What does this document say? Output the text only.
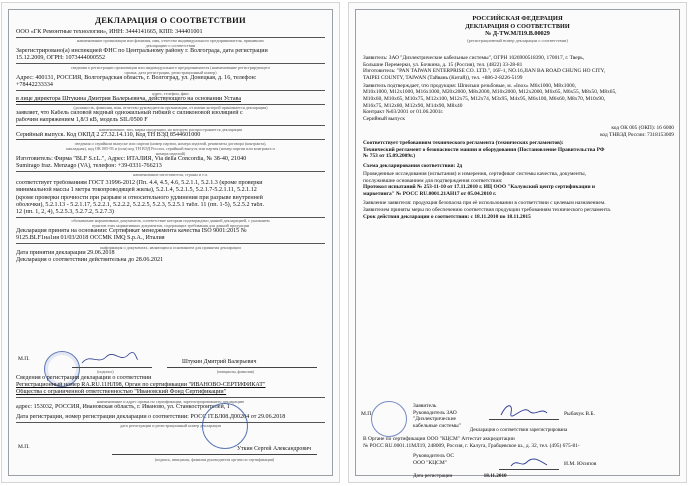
ДЕКЛАРАЦИЯ О СООТВЕТСТВИИ
ООО «ГК Ремонтные технологии», ИНН: 3444141665, КПП: 344401001
наименование организации или фамилия, имя, отчество индивидуального предпринимателя, принявших
декларацию о соответствии
Зарегистрировано(а) инспекцией ФНС по Центральному району г. Волгограда, дата регистрации
15.12.2009, ОГРН: 1073444000552
сведения о регистрации организации или индивидуального предпринимателя (наименование регистрирующего
органа, дата регистрации, регистрационный номер)
Адрес: 400131, РОССИЯ, Волгоградская область, г. Волгоград, ул. Донецкая, д. 16, телефон:
+78442233334
адрес, телефон, факс
в лице директора Штукина Дмитрия Валерьевича, действующего на основании Устава
(должность, фамилия, имя, отчество руководителя организации, от имени которой принимается декларация)
заявляет, что Кабель силовой медный одножильный гибкий с силиконовой изоляцией с
рабочим напряжением 1,8/3 кВ, модель SIL/0500 F
наименование, тип, марка продукции, на которую распространяется декларация
Серийный выпуск. Код ОКПД 2 27.32.14.110, Код ТН ВЭД 8544601000
сведения о серийном выпуске или партии (номер партии, номера изделий, реквизиты договора (контракта),
накладная), код ОК 005-93 и (или) код ТН ВЭД России, серийный выпуск или партия (номер партии или контракта и
номера изделий)
Изготовитель: Фирма "BLF S.r.L.", Адрес: ИТАЛИЯ, Via della Concordia, № 38-40, 21040
Sumirago fraz. Menzago (VA), телефон: +39-0331-766213
наименование изготовителя, страны и т.п.
соответствует требованиям ГОСТ 31996-2012 (Пп. 4.4, 4.5, 4.6, 5.2.1.1, 5.2.1.3 (кроме проверки
минимальной массы 1 метра токопроводящей жилы), 5.2.1.4, 5.2.1.5, 5.2.1.7-5.2.1.11, 5.2.1.12
(кроме проверки прочности при разрыве и относительного удлинения при разрыве внутренней
оболочки), 5.2.1.13 - 5.2.1.17, 5.2.2.1, 5.2.2.2, 5.2.2.5, 5.2.3, 5.2.5.1 табл. 11 (пп. 1-5), 5.2.5.2 табл.
12 (пп. 1, 2, 4), 5.2.5.3, 5.2.7.2, 5.2.7.3)
обозначение нормативных документов, соответствие которым подтверждено данной декларацией, с указанием
пунктов этих нормативных документов, содержащих требования для данной продукции
Декларация принята на основании: Сертификат менеджмента качества ISO 9001:2015 №
9125.BLF1на1ия 01/03/2018 OCCMK IMQ S.p.A., Италия
информация о документах, являющихся основанием для принятия декларации
Дата принятия декларации 29.06.2018
Декларация о соответствии действительна до 28.06.2021
М.П.	Штукин Дмитрий Валерьевич
(подпись)	(инициалы, фамилия)
Сведения о регистрации декларации о соответствии
Регистрационный номер RA.RU.11НЛ98, Орган по сертификации "ИВАНОВО-СЕРТИФИКАТ"
Общества с ограниченной ответственностью "Ивановский Фонд Сертификации"
наименование и адрес органа по сертификации, зарегистрировавшего декларацию
адрес: 153032, РОССИЯ, Ивановская область, г. Иваново, ул. Станкостроителей, 1
Дата регистрации, номер регистрации декларации о соответствии: РОСС IT.БЛ08.Д00204 от 29.06.2018
дата регистрации и регистрационный номер декларации
М.П.	Уткин Сергей Александрович
(подпись, инициалы, фамилия руководителя органа по сертификации)
РОССИЙСКАЯ ФЕДЕРАЦИЯ
ДЕКЛАРАЦИЯ О СООТВЕТСТВИИ
№ Д-TW.МЛ19.В.00029
(регистрационный номер декларации о соответствии)
Заявитель: ЗАО "Диэлектрические кабельные системы", ОГРН 1026900518390, 170017, г. Тверь,
Большие Перемерки, ул. Бочкина, д. 15 (Россия), тел. (4822) 33-28-81
Изготовитель: "PAN TAIWAN ENTERPRISE CO. LTD.", 16F-1, NO.16,JIAN BA ROAD CHUNG HO CITY,
TAIPEI COUNTY, TAIWAN (Тайвань (Китай)), тел. +886-2-8226-5199
Заявитель подтверждает, что продукция: Шпильки резьбовые, м. «Inox» М6х1000, М8х1000,
М10х1000, М12х1000, М16х1000, М20х2000, М8х2000, М10х2000, М12х2000, М6х65, М6х55, М8х50, М8х65,
М10х60, М10х65, М10х75, М12х100, М12х75, М12х74, М3х95, М4х95, М6х100, М6х60, М8х70, М10х90,
М16х75, М12х80, М12х90, М14х90, М8х40
Контракт №03/2001 от 01.06.2001г.
Серийный выпуск
код ОК 005 (ОКП): 16 6000
код ТНВЭД России: 7318153009
Соответствует требованиям технического регламента (технических регламентов):
Технический регламент о безопасности машин и оборудования (Постановление Правительства РФ
№ 753 от 15.09.2009г.)
Схема декларирования соответствия: 2д
Проведенные исследования (испытания) и измерения, сертификат системы качества, документы,
послужившие основанием для подтверждения соответствия:
Протокол испытаний № 253-11-10 от 17.11.2010 г. ИЦ ООО "Калужский центр сертификации и
маркетинга" № РОСС RU.0001.21АН17 от 05.04.2010 г.
Заявление заявителя: продукция безопасна при её использовании в соответствии с целевым назначением.
Заявителем приняты меры по обеспечению соответствия продукции требованиям технического регламента.
Срок действия декларации о соответствии: с 18.11.2010 по 18.11.2015
М.П.
Заявитель
Руководитель ЗАО
"Диэлектрические
кабельные системы"
Рыбачук В.Б.
Декларация о соответствии зарегистрирована
В Органе по сертификации ООО "КЦСМ" Аттестат аккредитации
№ РОСС RU.0001.11МЛ19, 248009, Россия, г. Калуга, Грабцевское ш., д. 32, тел. (495) 675-81-
Руководитель ОС
ООО "КЦСМ"	И.М. Юсипов
Дата регистрации	18.11.2010
